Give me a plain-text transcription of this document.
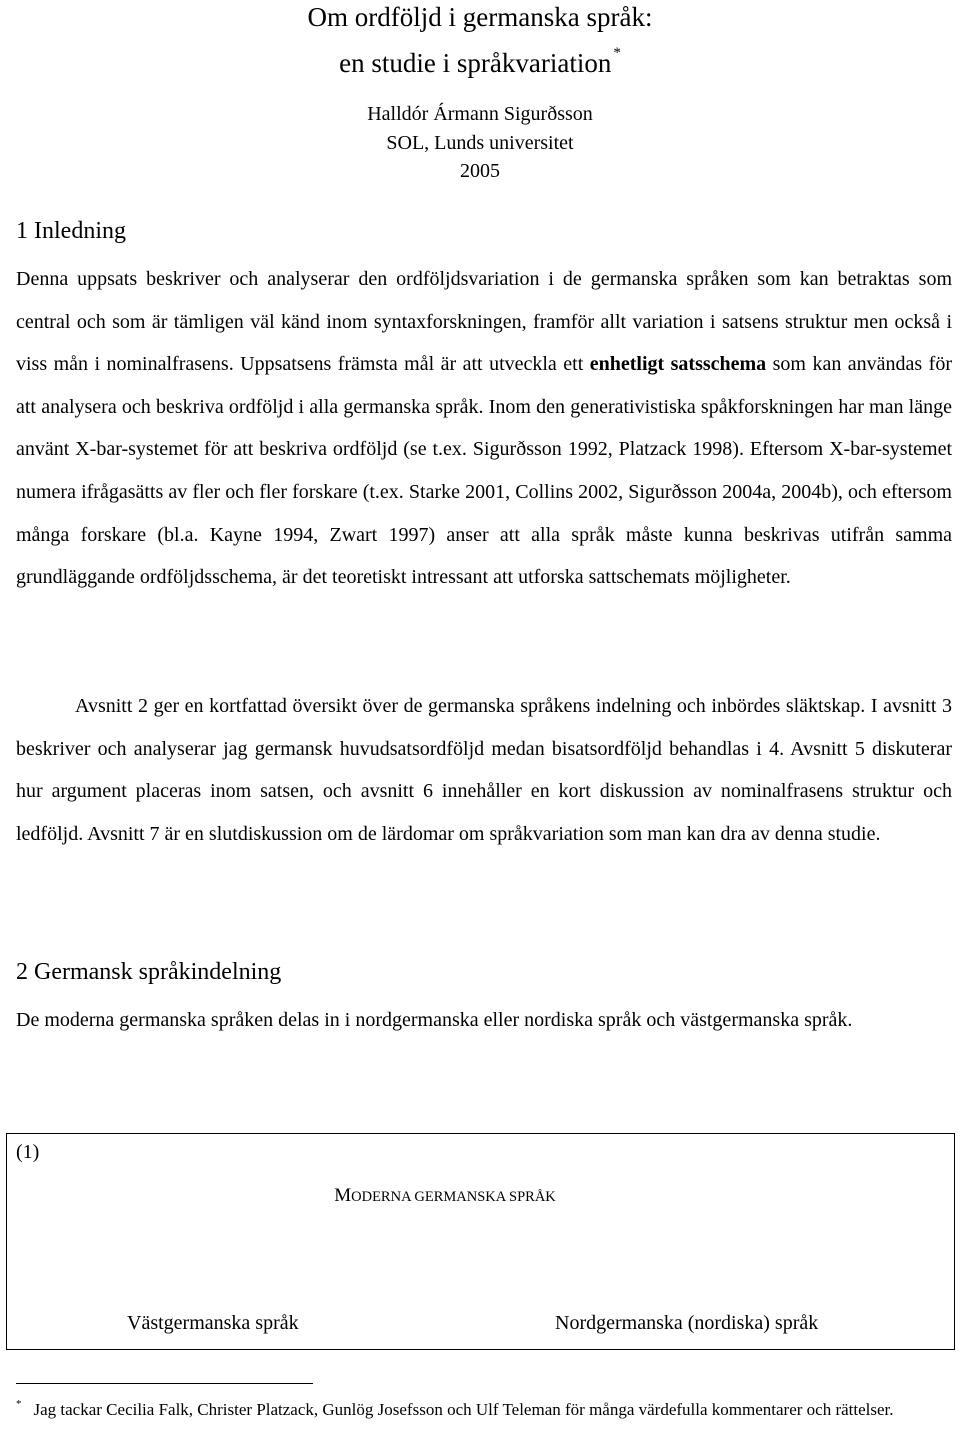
Om ordföljd i germanska språk:
en studie i språkvariation *
Halldór Ármann Sigurðsson
SOL, Lunds universitet
2005
1 Inledning

Denna uppsats beskriver och analyserar den ordföljdsvariation i de germanska språken som kan betraktas som central och som är tämligen väl känd inom syntaxforskningen, framför allt variation i satsens struktur men också i viss mån i nominalfrasens. Uppsatsens främsta mål är att utveckla ett enhetligt satsschema som kan användas för att analysera och beskriva ordföljd i alla germanska språk. Inom den generativistiska spåkforskningen har man länge använt X-bar-systemet för att beskriva ordföljd (se t.ex. Sigurðsson 1992, Platzack 1998). Eftersom X-bar-systemet numera ifrågasätts av fler och fler forskare (t.ex. Starke 2001, Collins 2002, Sigurðsson 2004a, 2004b), och eftersom många forskare (bl.a. Kayne 1994, Zwart 1997) anser att alla språk måste kunna beskrivas utifrån samma grundläggande ordföljdsschema, är det teoretiskt intressant att utforska sattschemats möjligheter.

Avsnitt 2 ger en kortfattad översikt över de germanska språkens indelning och inbördes släktskap. I avsnitt 3 beskriver och analyserar jag germansk huvudsatsordföljd medan bisatsordföljd behandlas i 4. Avsnitt 5 diskuterar hur argument placeras inom satsen, och avsnitt 6 innehåller en kort diskussion av nominalfrasens struktur och ledföljd. Avsnitt 7 är en slutdiskussion om de lärdomar om språkvariation som man kan dra av denna studie.

2 Germansk språkindelning

De moderna germanska språken delas in i nordgermanska eller nordiska språk och västgermanska språk.

(1)
MODERNA GERMANSKA SPRÅK
Västgermanska språk	Nordgermanska (nordiska) språk

* Jag tackar Cecilia Falk, Christer Platzack, Gunlög Josefsson och Ulf Teleman för många värdefulla kommentarer och rättelser.
